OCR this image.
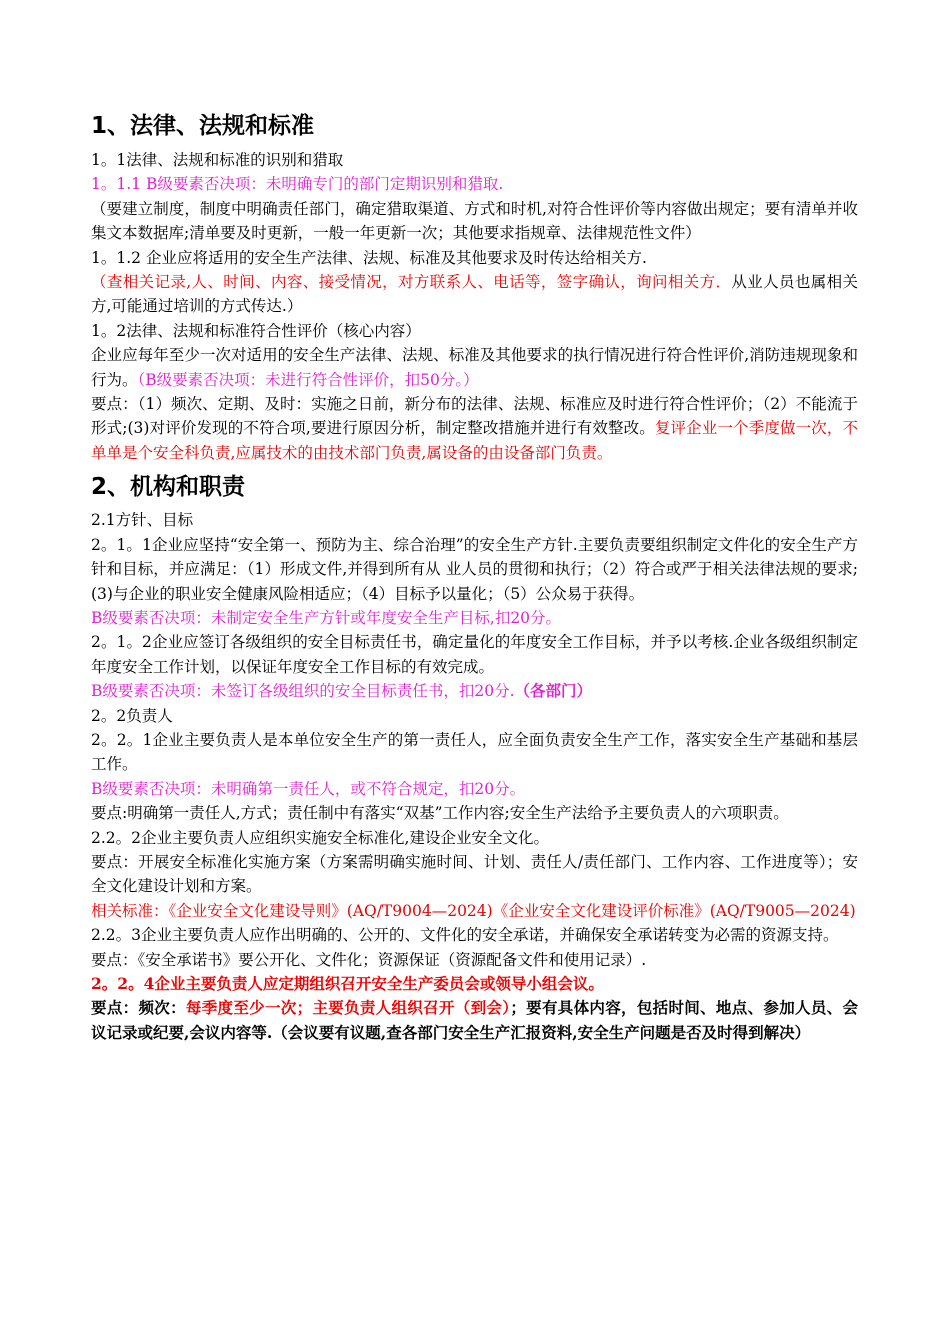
1、法律、法规和标准

1。1法律、法规和标准的识别和猎取

1。1.1 B级要素否决项：未明确专门的部门定期识别和猎取.

（要建立制度，制度中明确责任部门，确定猎取渠道、方式和时机,对符合性评价等内容做出规定；要有清单并收集文本数据库;清单要及时更新，一般一年更新一次；其他要求指规章、法律规范性文件）

1。1.2 企业应将适用的安全生产法律、法规、标准及其他要求及时传达给相关方.

（查相关记录,人、时间、内容、接受情况，对方联系人、电话等，签字确认，询问相关方．从业人员也属相关方,可能通过培训的方式传达.）

1。2法律、法规和标准符合性评价（核心内容）

企业应每年至少一次对适用的安全生产法律、法规、标准及其他要求的执行情况进行符合性评价,消防违规现象和行为。（B级要素否决项：未进行符合性评价，扣50分。）

要点：（1）频次、定期、及时：实施之日前，新分布的法律、法规、标准应及时进行符合性评价；（2）不能流于形式;(3)对评价发现的不符合项,要进行原因分析，制定整改措施并进行有效整改。复评企业一个季度做一次，不单单是个安全科负责,应属技术的由技术部门负责,属设备的由设备部门负责。

2、机构和职责

2.1方针、目标

2。1。1企业应坚持“安全第一、预防为主、综合治理”的安全生产方针.主要负责要组织制定文件化的安全生产方针和目标，并应满足：（1）形成文件,并得到所有从 业人员的贯彻和执行；（2）符合或严于相关法律法规的要求;(3)与企业的职业安全健康风险相适应；（4）目标予以量化；（5）公众易于获得。

B级要素否决项：未制定安全生产方针或年度安全生产目标,扣20分。

2。1。2企业应签订各级组织的安全目标责任书，确定量化的年度安全工作目标，并予以考核.企业各级组织制定年度安全工作计划，以保证年度安全工作目标的有效完成。

B级要素否决项：未签订各级组织的安全目标责任书，扣20分.（各部门）

2。2负责人

2。2。1企业主要负责人是本单位安全生产的第一责任人，应全面负责安全生产工作，落实安全生产基础和基层工作。

B级要素否决项：未明确第一责任人，或不符合规定，扣20分。

要点:明确第一责任人,方式；责任制中有落实“双基”工作内容;安全生产法给予主要负责人的六项职责。

2.2。2企业主要负责人应组织实施安全标准化,建设企业安全文化。

要点：开展安全标准化实施方案（方案需明确实施时间、计划、责任人/责任部门、工作内容、工作进度等）；安全文化建设计划和方案。

相关标准：《企业安全文化建设导则》(AQ/T9004—2024)《企业安全文化建设评价标准》(AQ/T9005—2024)

2.2。3企业主要负责人应作出明确的、公开的、文件化的安全承诺，并确保安全承诺转变为必需的资源支持。

要点：《安全承诺书》要公开化、文件化；资源保证（资源配备文件和使用记录）.

2。2。4企业主要负责人应定期组织召开安全生产委员会或领导小组会议。

要点：频次：每季度至少一次；主要负责人组织召开（到会）；要有具体内容，包括时间、地点、参加人员、会议记录或纪要,会议内容等.（会议要有议题,查各部门安全生产汇报资料,安全生产问题是否及时得到解决）
